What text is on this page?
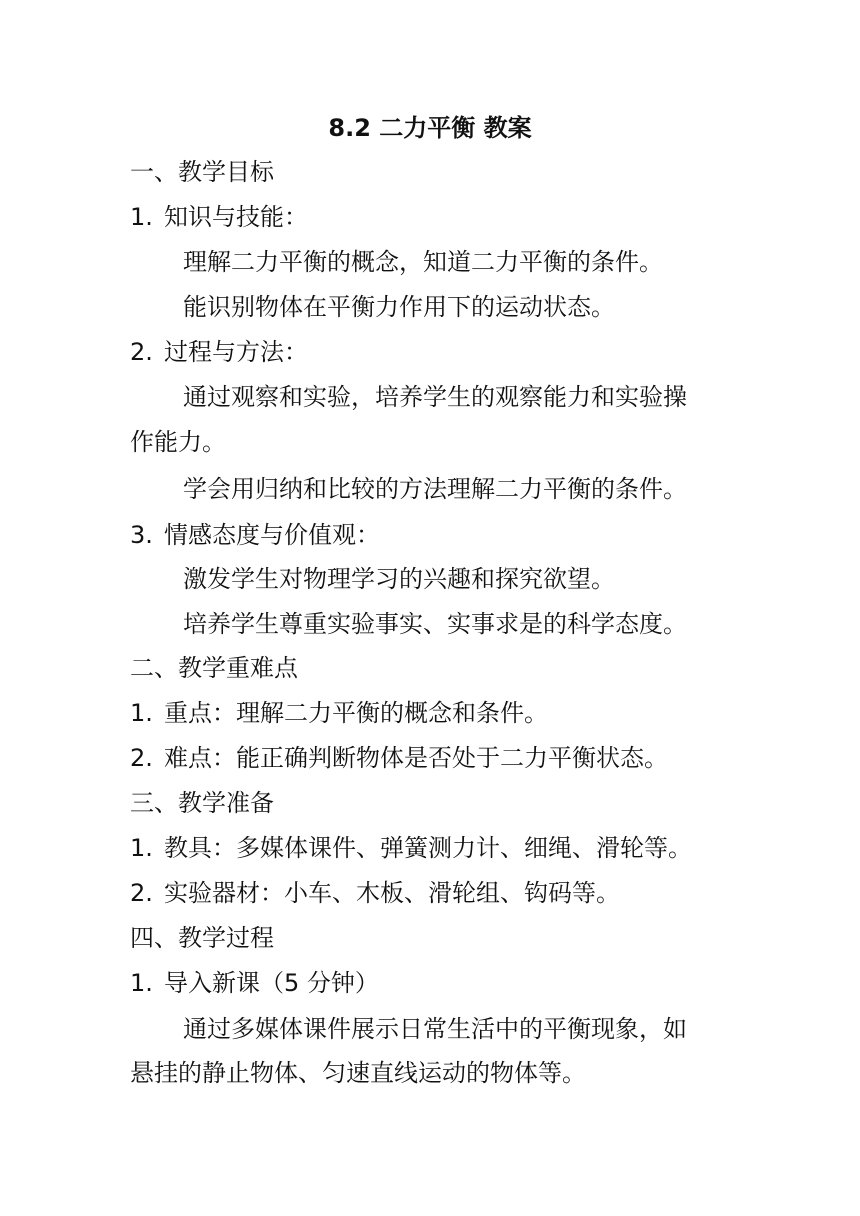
8.2 二力平衡 教案
一、教学目标
1. 知识与技能：
理解二力平衡的概念，知道二力平衡的条件。
能识别物体在平衡力作用下的运动状态。
2. 过程与方法：
通过观察和实验，培养学生的观察能力和实验操
作能力。
学会用归纳和比较的方法理解二力平衡的条件。
3. 情感态度与价值观：
激发学生对物理学习的兴趣和探究欲望。
培养学生尊重实验事实、实事求是的科学态度。
二、教学重难点
1. 重点：理解二力平衡的概念和条件。
2. 难点：能正确判断物体是否处于二力平衡状态。
三、教学准备
1. 教具：多媒体课件、弹簧测力计、细绳、滑轮等。
2. 实验器材：小车、木板、滑轮组、钩码等。
四、教学过程
1. 导入新课（5 分钟）
通过多媒体课件展示日常生活中的平衡现象，如
悬挂的静止物体、匀速直线运动的物体等。
